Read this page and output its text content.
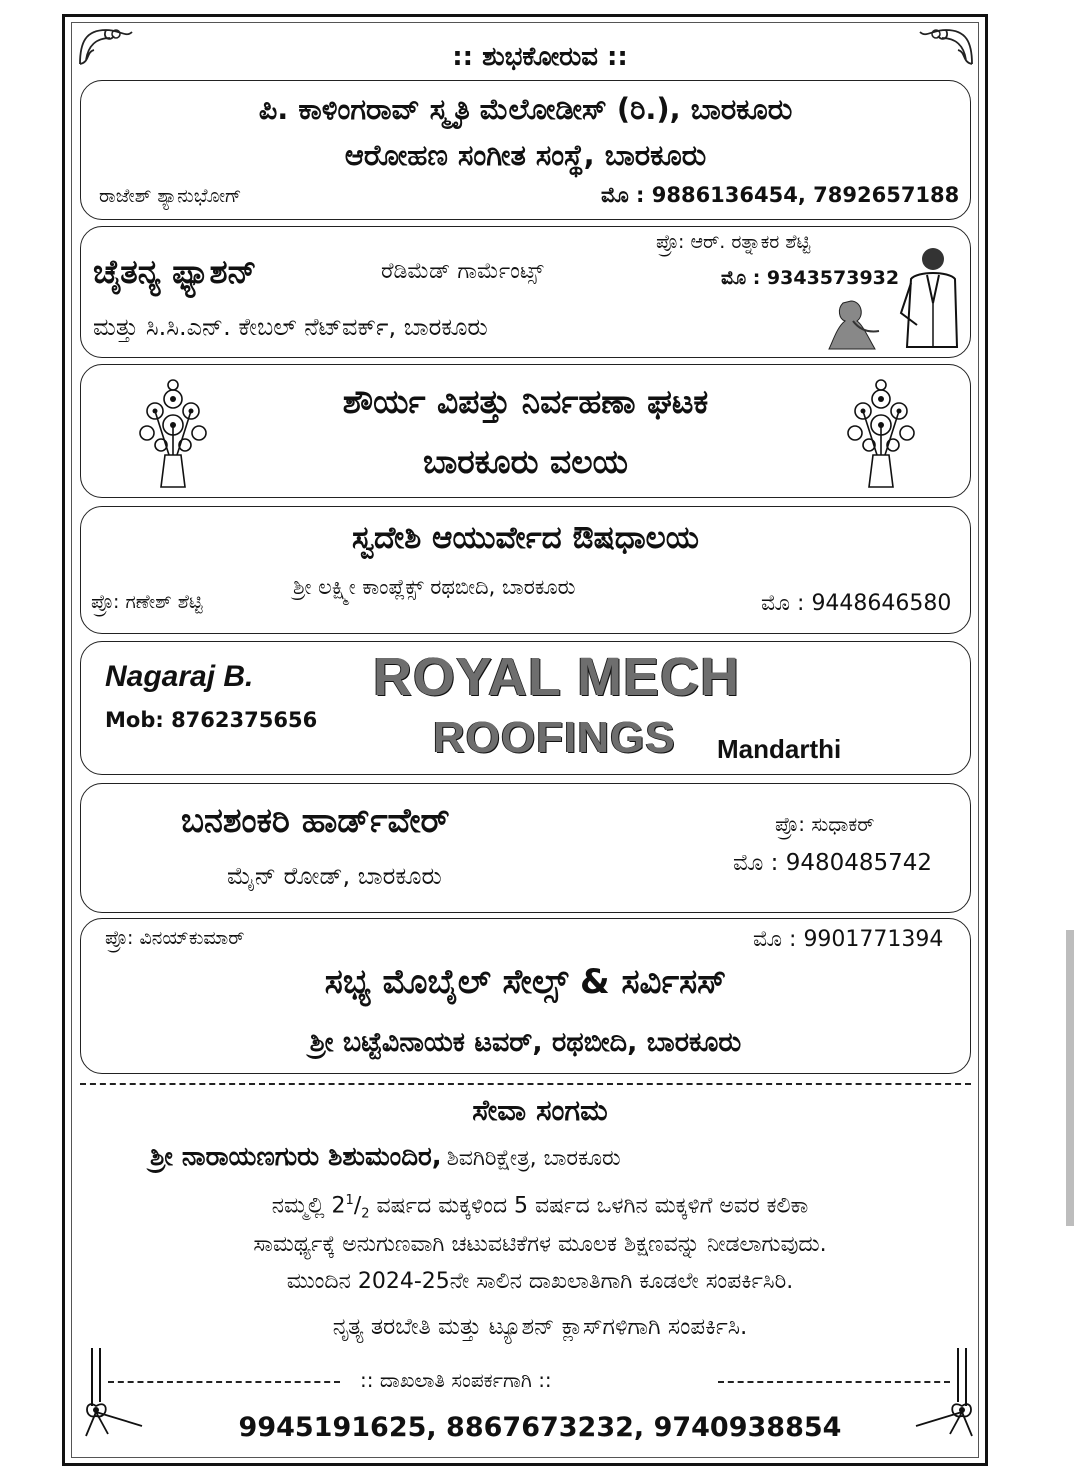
:: ಶುಭಕೋರುವ ::
ಪಿ. ಕಾಳಿಂಗರಾವ್ ಸ್ಮೃತಿ ಮೆಲೋಡೀಸ್ (ರಿ.), ಬಾರಕೂರು
ಆರೋಹಣ ಸಂಗೀತ ಸಂಸ್ಥೆ, ಬಾರಕೂರು
ರಾಜೇಶ್ ಶ್ಯಾನುಭೋಗ್	ಮೊ : 9886136454, 7892657188
ಪ್ರೊ: ಆರ್. ರತ್ನಾಕರ ಶೆಟ್ಟಿ
ಚೈತನ್ಯ ಫ್ಯಾಶನ್	ರೆಡಿಮೆಡ್ ಗಾರ್ಮೆಂಟ್ಸ್	ಮೊ : 9343573932
ಮತ್ತು ಸಿ.ಸಿ.ಎನ್. ಕೇಬಲ್ ನೆಟ್‌ವರ್ಕ್, ಬಾರಕೂರು
ಶೌರ್ಯ ವಿಪತ್ತು ನಿರ್ವಹಣಾ ಘಟಕ
ಬಾರಕೂರು ವಲಯ
ಸ್ವದೇಶಿ ಆಯುರ್ವೇದ ಔಷಧಾಲಯ
ಪ್ರೊ: ಗಣೇಶ್ ಶೆಟ್ಟಿ
ಶ್ರೀ ಲಕ್ಷ್ಮೀ ಕಾಂಪ್ಲೆಕ್ಸ್ ರಥಬೀದಿ, ಬಾರಕೂರು
ಮೊ : 9448646580
Nagaraj B.
Mob: 8762375656
ROYAL MECH
ROOFINGS Mandarthi
ಬನಶಂಕರಿ ಹಾರ್ಡ್‌ವೇರ್	ಪ್ರೊ: ಸುಧಾಕರ್
ಮೈನ್ ರೋಡ್, ಬಾರಕೂರು	ಮೊ : 9480485742
ಪ್ರೊ: ವಿನಯ್‌ಕುಮಾರ್	ಮೊ : 9901771394
ಸಭ್ಯ ಮೊಬೈಲ್ ಸೇಲ್ಸ್ & ಸರ್ವಿಸಸ್
ಶ್ರೀ ಬಟ್ಟೆವಿನಾಯಕ ಟವರ್, ರಥಬೀದಿ, ಬಾರಕೂರು
ಸೇವಾ ಸಂಗಮ
ಶ್ರೀ ನಾರಾಯಣಗುರು ಶಿಶುಮಂದಿರ, ಶಿವಗಿರಿಕ್ಷೇತ್ರ, ಬಾರಕೂರು
ನಮ್ಮಲ್ಲಿ $2^1/_2$ ವರ್ಷದ ಮಕ್ಕಳಿಂದ 5 ವರ್ಷದ ಒಳಗಿನ ಮಕ್ಕಳಿಗೆ ಅವರ ಕಲಿಕಾ
ಸಾಮರ್ಥ್ಯಕ್ಕೆ ಅನುಗುಣವಾಗಿ ಚಟುವಟಿಕೆಗಳ ಮೂಲಕ ಶಿಕ್ಷಣವನ್ನು ನೀಡಲಾಗುವುದು.
ಮುಂದಿನ 2024-25ನೇ ಸಾಲಿನ ದಾಖಲಾತಿಗಾಗಿ ಕೂಡಲೇ ಸಂಪರ್ಕಿಸಿರಿ.
ನೃತ್ಯ ತರಬೇತಿ ಮತ್ತು ಟ್ಯೂಶನ್ ಕ್ಲಾಸ್‌ಗಳಿಗಾಗಿ ಸಂಪರ್ಕಿಸಿ.
:: ದಾಖಲಾತಿ ಸಂಪರ್ಕಗಾಗಿ ::
9945191625, 8867673232, 9740938854
